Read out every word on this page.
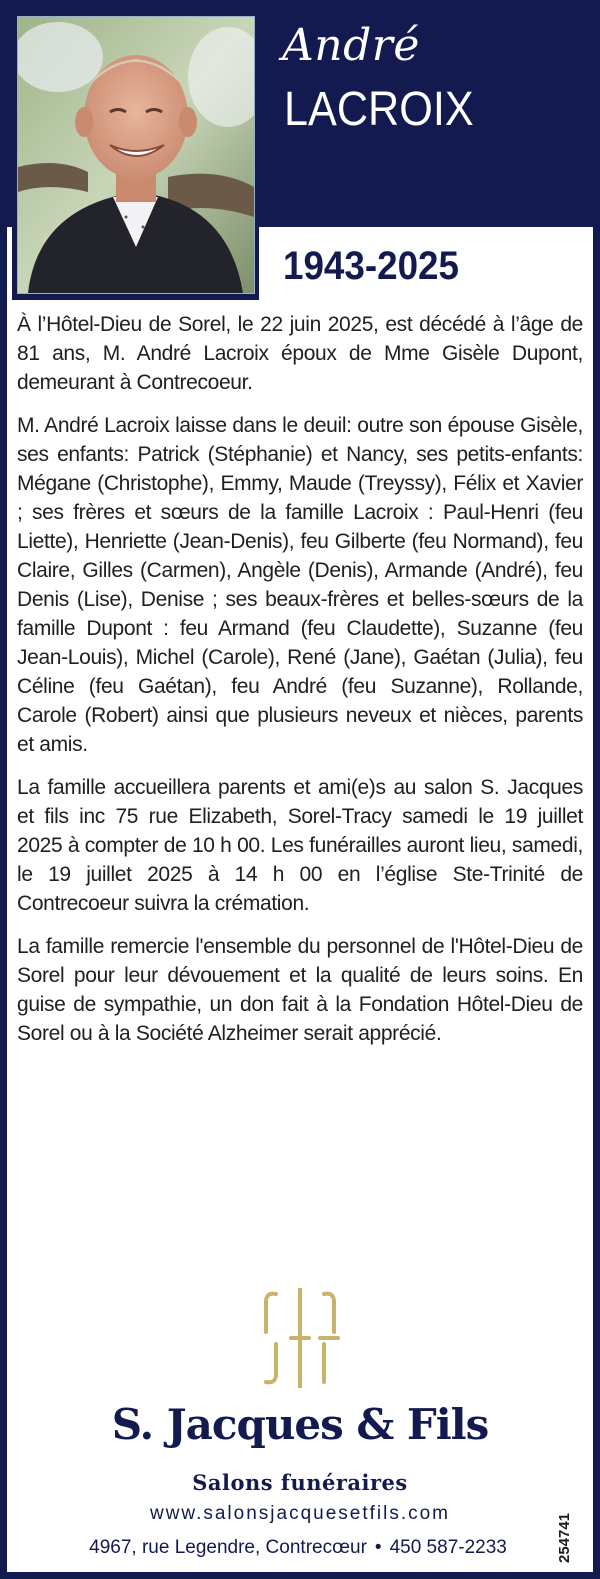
André
LACROIX
1943-2025

À l’Hôtel-Dieu de Sorel, le 22 juin 2025, est décédé à l’âge de 81 ans, M. André Lacroix époux de Mme Gisèle Dupont, demeurant à Contrecoeur.

M. André Lacroix laisse dans le deuil: outre son épouse Gisèle, ses enfants: Patrick (Stéphanie) et Nancy, ses petits-enfants: Mégane (Christophe), Emmy, Maude (Treyssy), Félix et Xavier ; ses frères et sœurs de la famille Lacroix : Paul-Henri (feu Liette), Henriette (Jean-Denis), feu Gilberte (feu Normand), feu Claire, Gilles (Carmen), Angèle (Denis), Armande (André), feu Denis (Lise), Denise ; ses beaux-frères et belles-sœurs de la famille Dupont : feu Armand (feu Claudette), Suzanne (feu Jean-Louis), Michel (Carole), René (Jane), Gaétan (Julia), feu Céline (feu Gaétan), feu André (feu Suzanne), Rollande, Carole (Robert) ainsi que plusieurs neveux et nièces, parents et amis.

La famille accueillera parents et ami(e)s au salon S. Jacques et fils inc 75 rue Elizabeth, Sorel-Tracy samedi le 19 juillet 2025 à compter de 10 h 00. Les funérailles auront lieu, samedi, le 19 juillet 2025 à 14 h 00 en l’église Ste-Trinité de Contrecoeur suivra la crémation.

La famille remercie l'ensemble du personnel de l'Hôtel-Dieu de Sorel pour leur dévouement et la qualité de leurs soins. En guise de sympathie, un don fait à la Fondation Hôtel-Dieu de Sorel ou à la Société Alzheimer serait apprécié.

S. Jacques & Fils
Salons funéraires
www.salonsjacquesetfils.com
4967, rue Legendre, Contrecœur • 450 587-2233	254741
